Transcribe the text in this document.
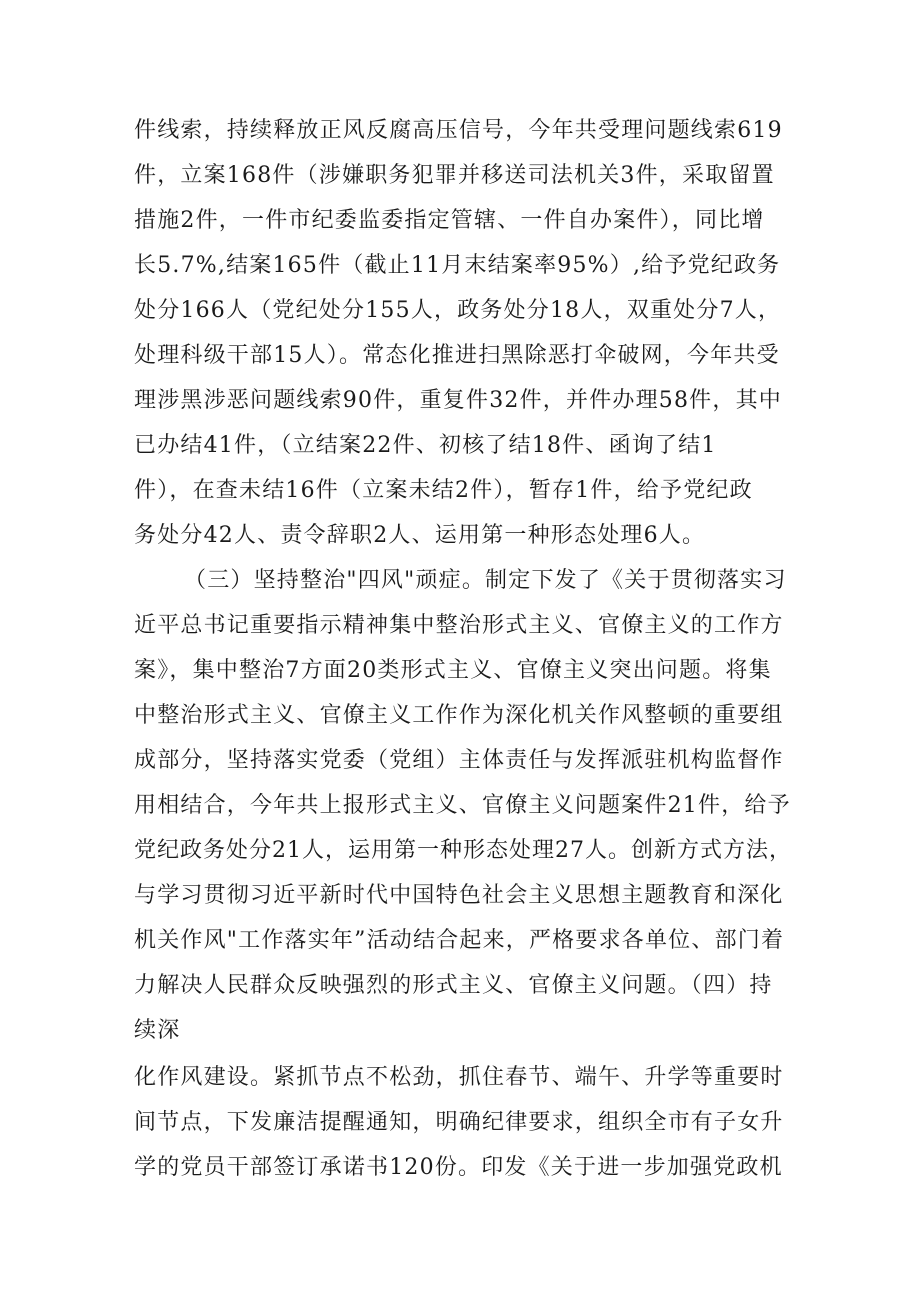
件线索，持续释放正风反腐高压信号，今年共受理问题线索619
件，立案168件（涉嫌职务犯罪并移送司法机关3件，采取留置
措施2件，一件市纪委监委指定管辖、一件自办案件），同比增
长5.7%,结案165件（截止11月末结案率95%）,给予党纪政务
处分166人（党纪处分155人，政务处分18人，双重处分7人，
处理科级干部15人）。常态化推进扫黑除恶打伞破网，今年共受
理涉黑涉恶问题线索90件，重复件32件，并件办理58件，其中
已办结41件，（立结案22件、初核了结18件、函询了结1
件），在查未结16件（立案未结2件），暂存1件，给予党纪政
务处分42人、责令辞职2人、运用第一种形态处理6人。
（三）坚持整治"四风"顽症。制定下发了《关于贯彻落实习
近平总书记重要指示精神集中整治形式主义、官僚主义的工作方
案》，集中整治7方面20类形式主义、官僚主义突出问题。将集
中整治形式主义、官僚主义工作作为深化机关作风整顿的重要组
成部分，坚持落实党委（党组）主体责任与发挥派驻机构监督作
用相结合，今年共上报形式主义、官僚主义问题案件21件，给予
党纪政务处分21人，运用第一种形态处理27人。创新方式方法，
与学习贯彻习近平新时代中国特色社会主义思想主题教育和深化
机关作风"工作落实年”活动结合起来，严格要求各单位、部门着
力解决人民群众反映强烈的形式主义、官僚主义问题。（四）持
续深
化作风建设。紧抓节点不松劲，抓住春节、端午、升学等重要时
间节点，下发廉洁提醒通知，明确纪律要求，组织全市有子女升
学的党员干部签订承诺书120份。印发《关于进一步加强党政机
